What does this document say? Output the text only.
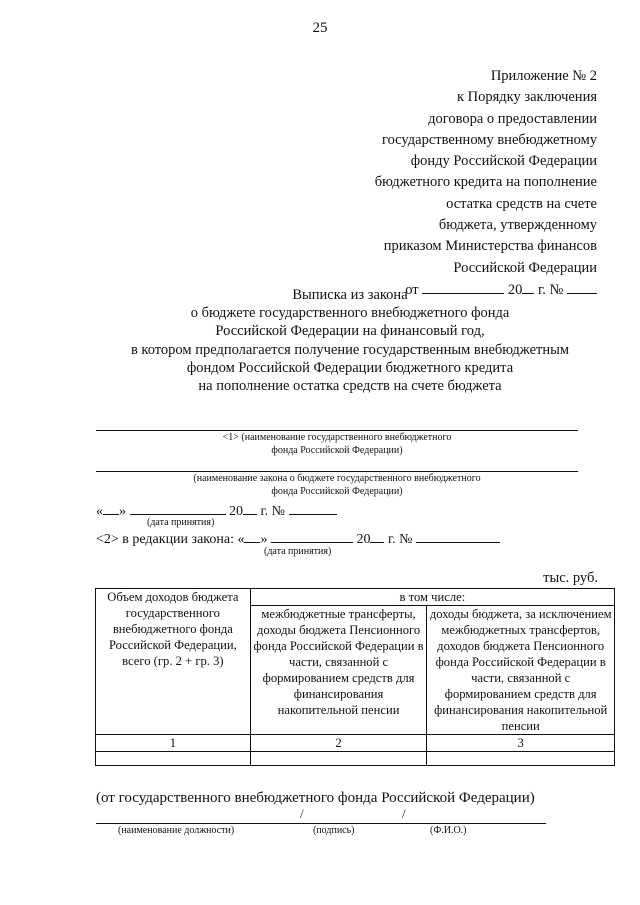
25
Приложение № 2
к Порядку заключения
договора о предоставлении
государственному внебюджетному
фонду Российской Федерации
бюджетного кредита на пополнение
остатка средств на счете
бюджета, утвержденному
приказом Министерства финансов
Российской Федерации
от	20 г. №
Выписка из закона
о бюджете государственного внебюджетного фонда
Российской Федерации на финансовый год,
в котором предполагается получение государственным внебюджетным
фондом Российской Федерации бюджетного кредита
на пополнение остатка средств на счете бюджета
<1> (наименование государственного внебюджетного
фонда Российской Федерации)
(наименование закона о бюджете государственного внебюджетного
фонда Российской Федерации)
« »	20 г. №
(дата принятия)
<2> в редакции закона: « »	20 г. №
(дата принятия)
тыс. руб.
Объем доходов бюджета государственного внебюджетного фонда Российской Федерации, всего (гр. 2 + гр. 3)	в том числе:	
	межбюджетные трансферты, доходы бюджета Пенсионного фонда Российской Федерации в части, связанной с формированием средств для финансирования накопительной пенсии	доходы бюджета, за исключением межбюджетных трансфертов, доходов бюджета Пенсионного фонда Российской Федерации в части, связанной с формированием средств для финансирования накопительной пенсии
1	2	3

(от государственного внебюджетного фонда Российской Федерации)
/	/
(наименование должности)	(подпись)	(Ф.И.О.)
